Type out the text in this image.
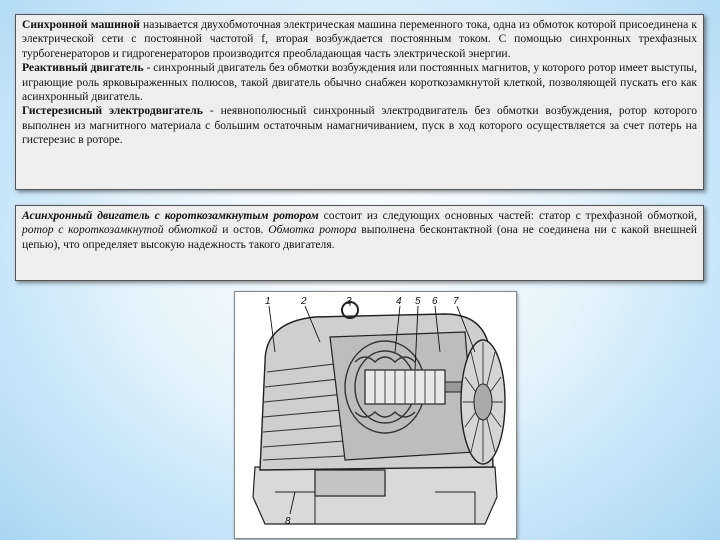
Синхронной машиной называется двухобмоточная электрическая машина переменного тока, одна из обмоток которой присоединена к электрической сети с постоянной частотой f, вторая возбуждается постоянным током. С помощью синхронных трехфазных турбогенераторов и гидрогенераторов производится преобладающая часть электрической энергии.

Реактивный двигатель - синхронный двигатель без обмотки возбуждения или постоянных магнитов, у которого ротор имеет выступы, играющие роль ярковыраженных полюсов, такой двигатель обычно снабжен короткозамкнутой клеткой, позволяющей пускать его как асинхронный двигатель.

Гистерезисный электродвигатель - неявнополюсный синхронный электродвигатель без обмотки возбуждения, ротор которого выполнен из магнитного материала с большим остаточным намагничиванием, пуск в ход которого осуществляется за счет потерь на гистерезис в роторе.

Асинхронный двигатель с короткозамкнутым ротором состоит из следующих основных частей: статор с трехфазной обмоткой, ротор с короткозамкнутой обмоткой и остов. Обмотка ротора выполнена бесконтактной (она не соединена ни с какой внешней цепью), что определяет высокую надежность такого двигателя.

1	2	3	4 5 6 7
8
